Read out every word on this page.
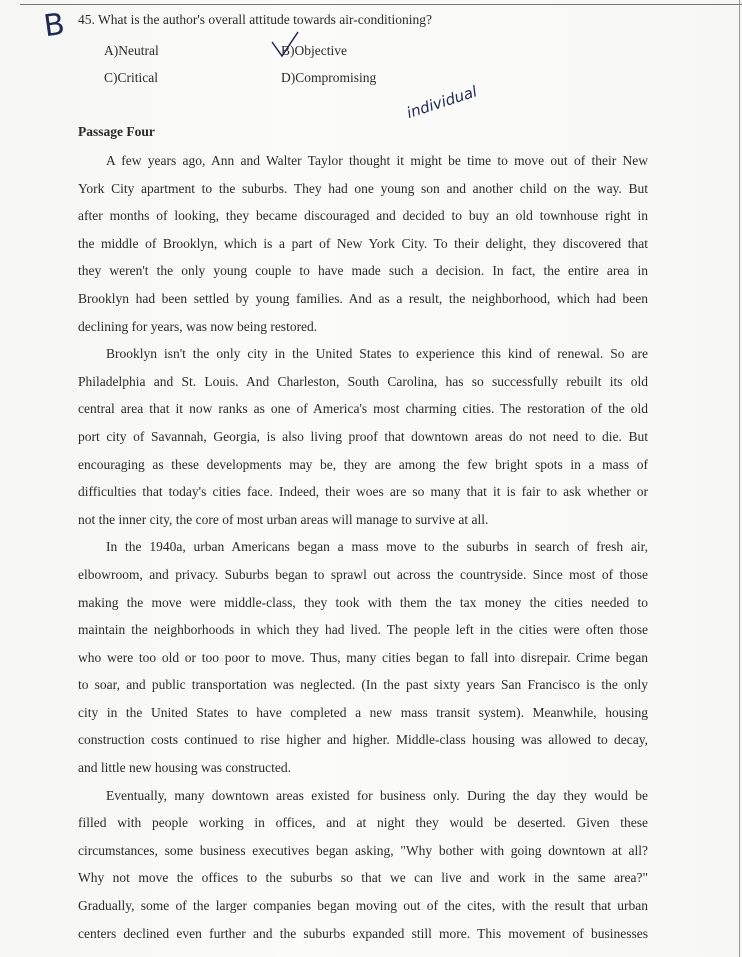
B 45. What is the author's overall attitude towards air-conditioning?
A)Neutral	B)Objective
C)Critical	D)Compromising
individual
Passage Four
A few years ago, Ann and Walter Taylor thought it might be time to move out of their New
York City apartment to the suburbs. They had one young son and another child on the way. But
after months of looking, they became discouraged and decided to buy an old townhouse right in
the middle of Brooklyn, which is a part of New York City. To their delight, they discovered that
they weren't the only young couple to have made such a decision. In fact, the entire area in
Brooklyn had been settled by young families. And as a result, the neighborhood, which had been
declining for years, was now being restored.
Brooklyn isn't the only city in the United States to experience this kind of renewal. So are
Philadelphia and St. Louis. And Charleston, South Carolina, has so successfully rebuilt its old
central area that it now ranks as one of America's most charming cities. The restoration of the old
port city of Savannah, Georgia, is also living proof that downtown areas do not need to die. But
encouraging as these developments may be, they are among the few bright spots in a mass of
difficulties that today's cities face. Indeed, their woes are so many that it is fair to ask whether or
not the inner city, the core of most urban areas will manage to survive at all.
In the 1940a, urban Americans began a mass move to the suburbs in search of fresh air,
elbowroom, and privacy. Suburbs began to sprawl out across the countryside. Since most of those
making the move were middle-class, they took with them the tax money the cities needed to
maintain the neighborhoods in which they had lived. The people left in the cities were often those
who were too old or too poor to move. Thus, many cities began to fall into disrepair. Crime began
to soar, and public transportation was neglected. (In the past sixty years San Francisco is the only
city in the United States to have completed a new mass transit system). Meanwhile, housing
construction costs continued to rise higher and higher. Middle-class housing was allowed to decay,
and little new housing was constructed.
Eventually, many downtown areas existed for business only. During the day they would be
filled with people working in offices, and at night they would be deserted. Given these
circumstances, some business executives began asking, "Why bother with going downtown at all?
Why not move the offices to the suburbs so that we can live and work in the same area?"
Gradually, some of the larger companies began moving out of the cites, with the result that urban
centers declined even further and the suburbs expanded still more. This movement of businesses
